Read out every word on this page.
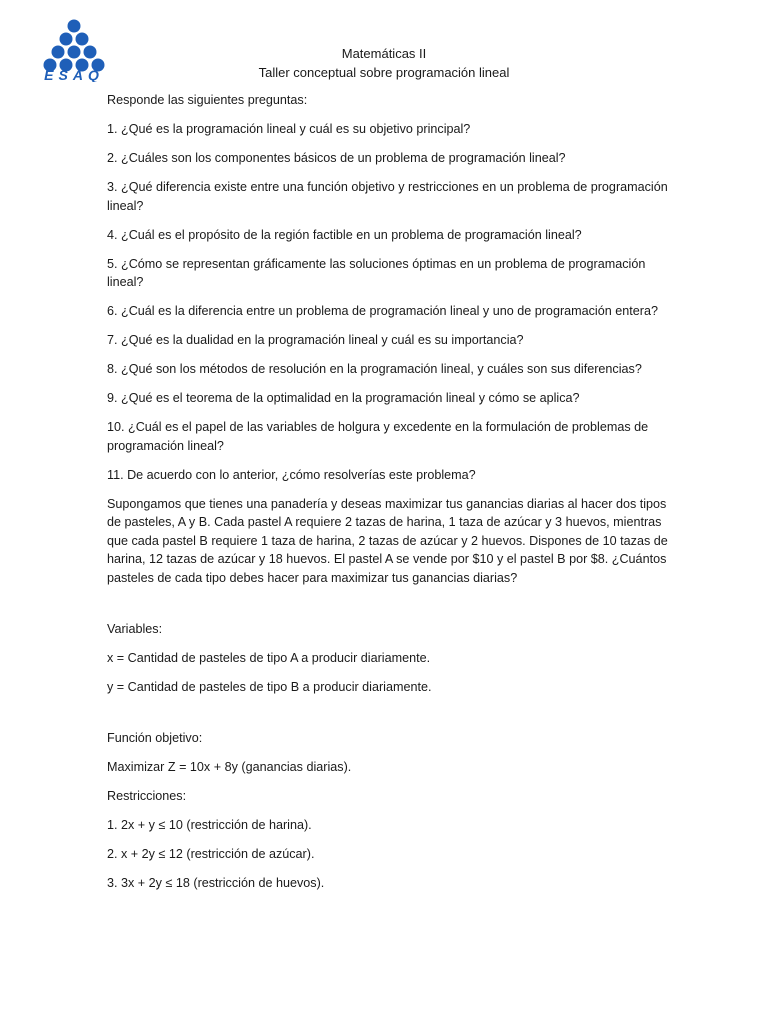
ESAQ
Matemáticas II
Taller conceptual sobre programación lineal

Responde las siguientes preguntas:

1. ¿Qué es la programación lineal y cuál es su objetivo principal?

2. ¿Cuáles son los componentes básicos de un problema de programación lineal?

3. ¿Qué diferencia existe entre una función objetivo y restricciones en un problema de programación lineal?

4. ¿Cuál es el propósito de la región factible en un problema de programación lineal?

5. ¿Cómo se representan gráficamente las soluciones óptimas en un problema de programación lineal?

6. ¿Cuál es la diferencia entre un problema de programación lineal y uno de programación entera?

7. ¿Qué es la dualidad en la programación lineal y cuál es su importancia?

8. ¿Qué son los métodos de resolución en la programación lineal, y cuáles son sus diferencias?

9. ¿Qué es el teorema de la optimalidad en la programación lineal y cómo se aplica?

10. ¿Cuál es el papel de las variables de holgura y excedente en la formulación de problemas de programación lineal?

11. De acuerdo con lo anterior, ¿cómo resolverías este problema?

Supongamos que tienes una panadería y deseas maximizar tus ganancias diarias al hacer dos tipos de pasteles, A y B. Cada pastel A requiere 2 tazas de harina, 1 taza de azúcar y 3 huevos, mientras que cada pastel B requiere 1 taza de harina, 2 tazas de azúcar y 2 huevos. Dispones de 10 tazas de harina, 12 tazas de azúcar y 18 huevos. El pastel A se vende por $10 y el pastel B por $8. ¿Cuántos pasteles de cada tipo debes hacer para maximizar tus ganancias diarias?

Variables:

x = Cantidad de pasteles de tipo A a producir diariamente.

y = Cantidad de pasteles de tipo B a producir diariamente.

Función objetivo:

Maximizar Z = 10x + 8y (ganancias diarias).

Restricciones:

1. 2x + y ≤ 10 (restricción de harina).

2. x + 2y ≤ 12 (restricción de azúcar).

3. 3x + 2y ≤ 18 (restricción de huevos).
